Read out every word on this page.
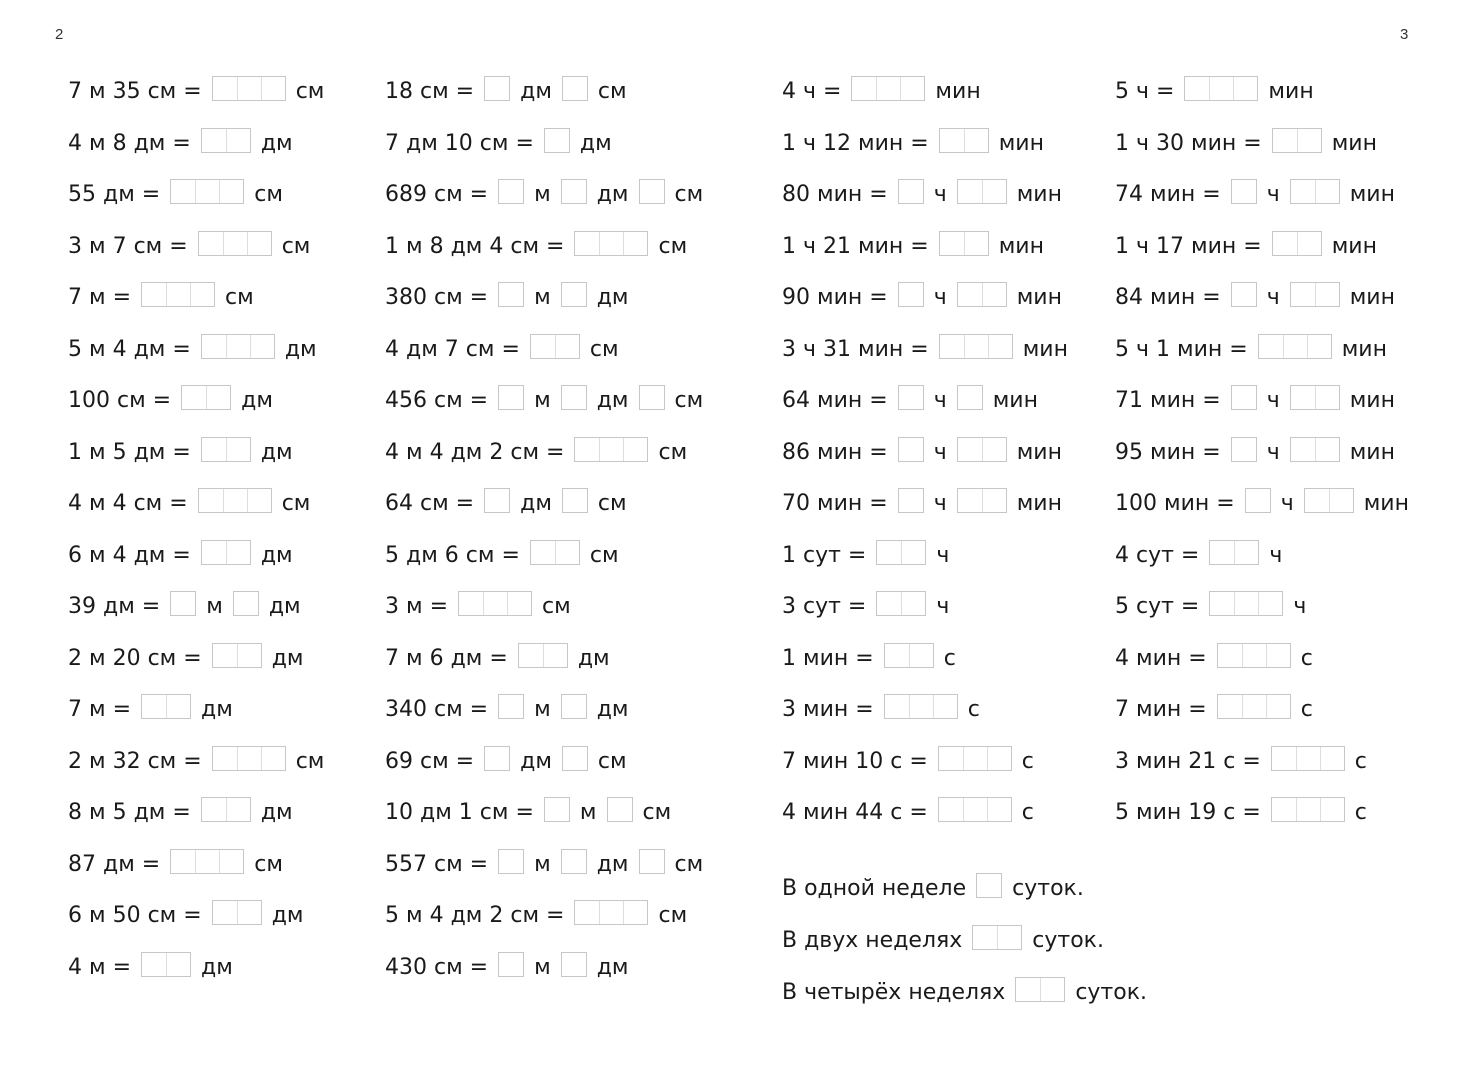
2	3
7 м 35 см =	см
4 м 8 дм =	дм
55 дм =	см
3 м 7 см =	см
7 м =	см
5 м 4 дм =	дм
100 см =	дм
1 м 5 дм =	дм
4 м 4 см =	см
6 м 4 дм =	дм
39 дм = м дм
2 м 20 см =	дм
7 м =	дм
2 м 32 см =	см
8 м 5 дм =	дм
87 дм =	см
6 м 50 см =	дм
4 м =	дм
18 см = дм см
7 дм 10 см = дм
689 см = м дм см
1 м 8 дм 4 см =	см
380 см = м дм
4 дм 7 см =	см
456 см = м дм см
4 м 4 дм 2 см =	см
64 см = дм см
5 дм 6 см =	см
3 м =	см
7 м 6 дм =	дм
340 см = м дм
69 см = дм см
10 дм 1 см = м см
557 см = м дм см
5 м 4 дм 2 см =	см
430 см = м дм
4 ч =	мин
1 ч 12 мин =	мин
80 мин = ч	мин
1 ч 21 мин =	мин
90 мин = ч	мин
3 ч 31 мин =	мин
64 мин = ч мин
86 мин = ч	мин
70 мин = ч	мин
1 сут =	ч
3 сут =	ч
1 мин =	с
3 мин =	с
7 мин 10 с =	с
4 мин 44 с =	с
5 ч =	мин
1 ч 30 мин =	мин
74 мин = ч	мин
1 ч 17 мин =	мин
84 мин = ч	мин
5 ч 1 мин =	мин
71 мин = ч	мин
95 мин = ч	мин
100 мин = ч	мин
4 сут =	ч
5 сут =	ч
4 мин =	с
7 мин =	с
3 мин 21 с =	с
5 мин 19 с =	с
В одной неделе суток.
В двух неделях	суток.
В четырёх неделях	суток.
